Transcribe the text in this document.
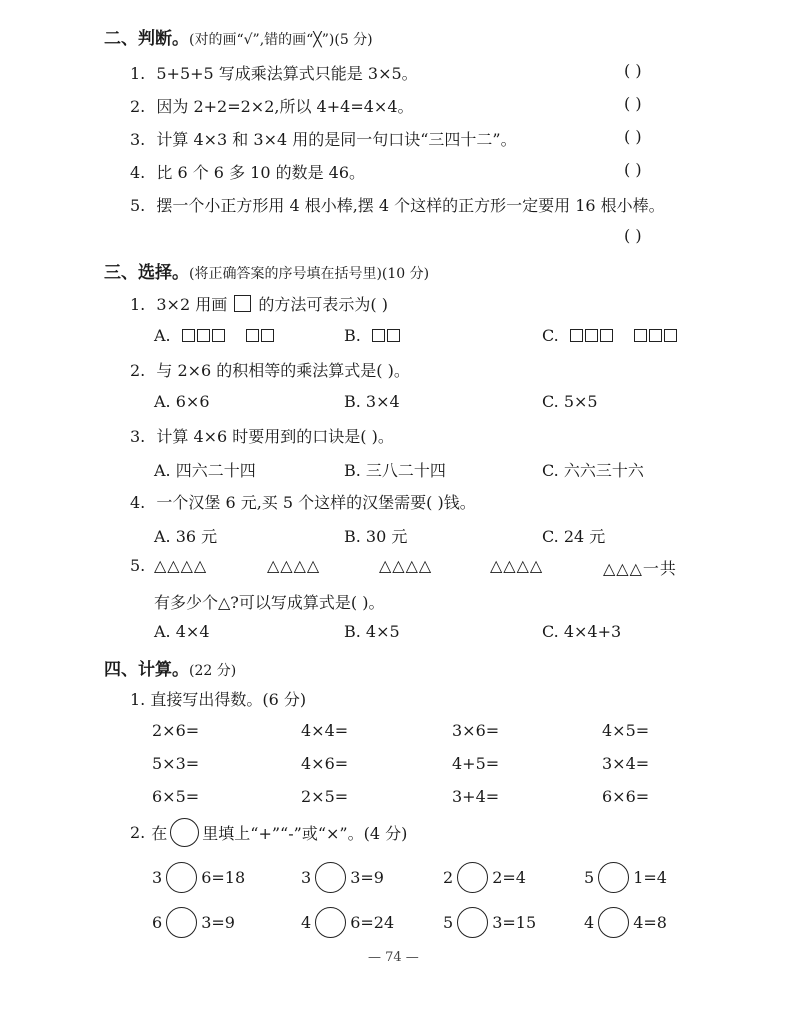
二、判断。(对的画“√”,错的画“╳”)(5 分)
1. 5+5+5 写成乘法算式只能是 3×5。	( )
2. 因为 2+2=2×2,所以 4+4=4×4。	( )
3. 计算 4×3 和 3×4 用的是同一句口诀“三四十二”。	( )
4. 比 6 个 6 多 10 的数是 46。	( )
5. 摆一个小正方形用 4 根小棒,摆 4 个这样的正方形一定要用 16 根小棒。
( )
三、选择。(将正确答案的序号填在括号里)(10 分)
1. 3×2 用画 的方法可表示为( )
A.	B.	C.
2. 与 2×6 的积相等的乘法算式是( )。
A. 6×6	B. 3×4	C. 5×5
3. 计算 4×6 时要用到的口诀是( )。
A. 四六二十四	B. 三八二十四	C. 六六三十六
4. 一个汉堡 6 元,买 5 个这样的汉堡需要( )钱。
A. 36 元	B. 30 元	C. 24 元
5. △△△△	△△△△	△△△△	△△△△	△△△一共
有多少个△?可以写成算式是( )。
A. 4×4	B. 4×5	C. 4×4+3
四、计算。(22 分)
1. 直接写出得数。(6 分)
2×6=	4×4=	3×6=	4×5=
5×3=	4×6=	4+5=	3×4=
6×5=	2×5=	3+4=	6×6=
2. 在 里填上“+”“-”或“×”。(4 分)
3 6=18	3 3=9	2 2=4	5 1=4
6 3=9	4 6=24	5 3=15	4 4=8
— 74 —
